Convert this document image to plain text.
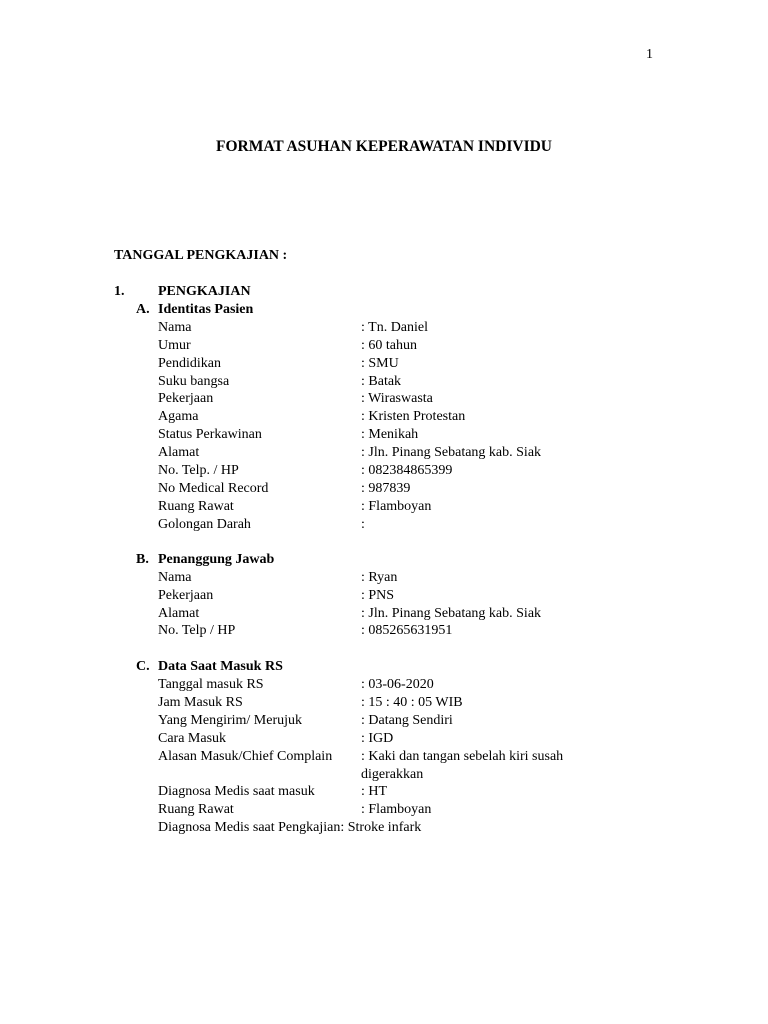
1
FORMAT ASUHAN KEPERAWATAN INDIVIDU
TANGGAL PENGKAJIAN :
1. PENGKAJIAN
A. Identitas Pasien
Nama	: Tn. Daniel
Umur	: 60 tahun
Pendidikan	: SMU
Suku bangsa	: Batak
Pekerjaan	: Wiraswasta
Agama	: Kristen Protestan
Status Perkawinan	: Menikah
Alamat	: Jln. Pinang Sebatang kab. Siak
No. Telp. / HP	: 082384865399
No Medical Record	: 987839
Ruang Rawat	: Flamboyan
Golongan Darah	:
B. Penanggung Jawab
Nama	: Ryan
Pekerjaan	: PNS
Alamat	: Jln. Pinang Sebatang kab. Siak
No. Telp / HP	: 085265631951
C. Data Saat Masuk RS
Tanggal masuk RS	: 03-06-2020
Jam Masuk RS	: 15 : 40 : 05 WIB
Yang Mengirim/ Merujuk	: Datang Sendiri
Cara Masuk	: IGD
Alasan Masuk/Chief Complain	: Kaki dan tangan sebelah kiri susah digerakkan
Diagnosa Medis saat masuk	: HT
Ruang Rawat	: Flamboyan
Diagnosa Medis saat Pengkajian: Stroke infark
